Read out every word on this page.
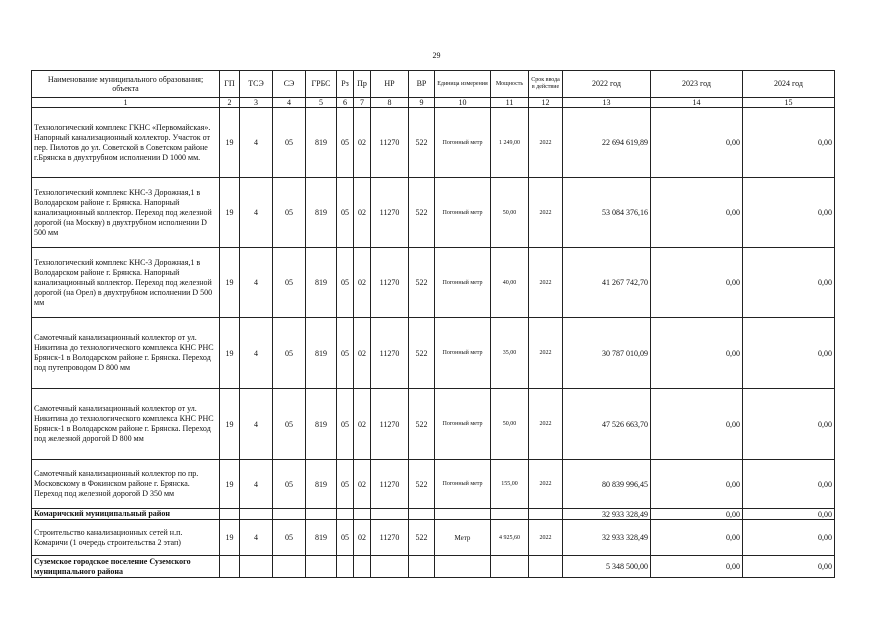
29
Наименование муниципального образования; объекта	ГП	ТСЭ	СЭ	ГРБС	Рз	Пр	НР	ВР	Единица измерения	Мощность	Срок ввода в действие	2022 год	2023 год	2024 год
1	2	3	4	5	6	7	8	9	10	11	12	13	14	15
Технологический комплекс ГКНС «Первомайская». Напорный канализационный коллектор. Участок от пер. Пилотов до ул. Советской в Советском районе г.Брянска в двухтрубном исполнении D 1000 мм.	19	4	05	819	05	02	11270	522	Погонный метр	1 249,00	2022	22 694 619,89	0,00	0,00
Технологический комплекс КНС-3 Дорожная,1 в Володарском районе г. Брянска. Напорный канализационный коллектор. Переход под железной дорогой (на Москву) в двухтрубном исполнении D 500 мм	19	4	05	819	05	02	11270	522	Погонный метр	50,00	2022	53 084 376,16	0,00	0,00
Технологический комплекс КНС-3 Дорожная,1 в Володарском районе г. Брянска. Напорный канализационный коллектор. Переход под железной дорогой (на Орел) в двухтрубном исполнении D 500 мм	19	4	05	819	05	02	11270	522	Погонный метр	40,00	2022	41 267 742,70	0,00	0,00
Самотечный канализационный коллектор от ул. Никитина до технологического комплекса КНС РНС Брянск-1 в Володарском районе г. Брянска. Переход под путепроводом D 800 мм	19	4	05	819	05	02	11270	522	Погонный метр	35,00	2022	30 787 010,09	0,00	0,00
Самотечный канализационный коллектор от ул. Никитина до технологического комплекса КНС РНС Брянск-1 в Володарском районе г. Брянска. Переход под железной дорогой D 800 мм	19	4	05	819	05	02	11270	522	Погонный метр	50,00	2022	47 526 663,70	0,00	0,00
Самотечный канализационный коллектор по пр. Московскому в Фокинском районе г. Брянска. Переход под железной дорогой D 350 мм	19	4	05	819	05	02	11270	522	Погонный метр	155,00	2022	80 839 996,45	0,00	0,00
Комаричский муниципальный район												32 933 328,49	0,00	0,00
Строительство канализационных сетей н.п. Комаричи (1 очередь строительства 2 этап)	19	4	05	819	05	02	11270	522	Метр	4 925,60	2022	32 933 328,49	0,00	0,00
Суземское городское поселение Суземского муниципального района												5 348 500,00	0,00	0,00
